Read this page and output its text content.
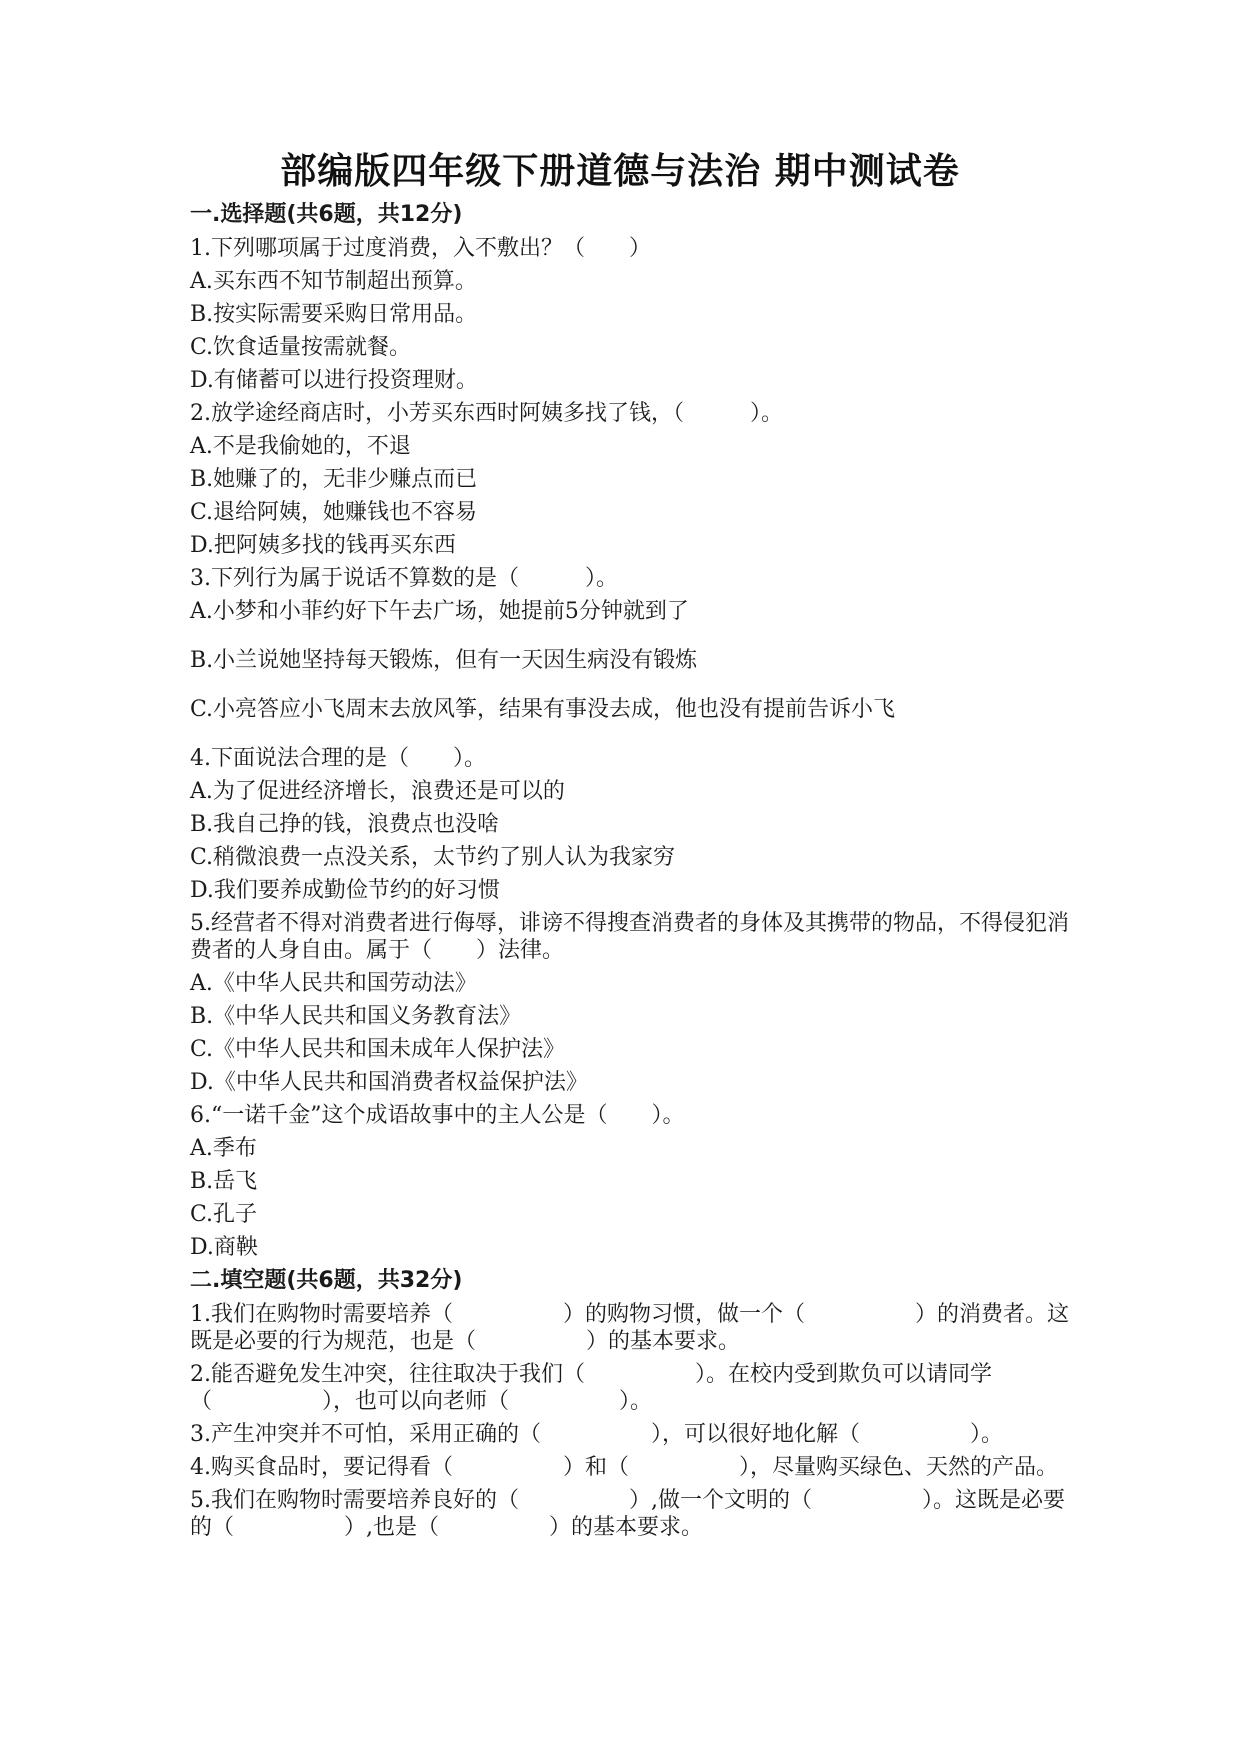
部编版四年级下册道德与法治 期中测试卷
一.选择题(共6题，共12分)
1.下列哪项属于过度消费，入不敷出？（　　）
A.买东西不知节制超出预算。
B.按实际需要采购日常用品。
C.饮食适量按需就餐。
D.有储蓄可以进行投资理财。
2.放学途经商店时，小芳买东西时阿姨多找了钱，（　　　）。
A.不是我偷她的，不退
B.她赚了的，无非少赚点而已
C.退给阿姨，她赚钱也不容易
D.把阿姨多找的钱再买东西
3.下列行为属于说话不算数的是（　　　）。
A.小梦和小菲约好下午去广场，她提前5分钟就到了
B.小兰说她坚持每天锻炼，但有一天因生病没有锻炼
C.小亮答应小飞周末去放风筝，结果有事没去成，他也没有提前告诉小飞
4.下面说法合理的是（　　）。
A.为了促进经济增长，浪费还是可以的
B.我自己挣的钱，浪费点也没啥
C.稍微浪费一点没关系，太节约了别人认为我家穷
D.我们要养成勤俭节约的好习惯
5.经营者不得对消费者进行侮辱，诽谤不得搜查消费者的身体及其携带的物品，不得侵犯消费者的人身自由。属于（　　）法律。
A.《中华人民共和国劳动法》
B.《中华人民共和国义务教育法》
C.《中华人民共和国未成年人保护法》
D.《中华人民共和国消费者权益保护法》
6.“一诺千金”这个成语故事中的主人公是（　　）。
A.季布
B.岳飞
C.孔子
D.商鞅
二.填空题(共6题，共32分)
1.我们在购物时需要培养（　　　　　）的购物习惯，做一个（　　　　　）的消费者。这既是必要的行为规范，也是（　　　　　）的基本要求。
2.能否避免发生冲突，往往取决于我们（　　　　　）。在校内受到欺负可以请同学（　　　　　），也可以向老师（　　　　　）。
3.产生冲突并不可怕，采用正确的（　　　　　），可以很好地化解（　　　　　）。
4.购买食品时，要记得看（　　　　　）和（　　　　　），尽量购买绿色、天然的产品。
5.我们在购物时需要培养良好的（　　　　　）,做一个文明的（　　　　　）。这既是必要的（　　　　　）,也是（　　　　　）的基本要求。
